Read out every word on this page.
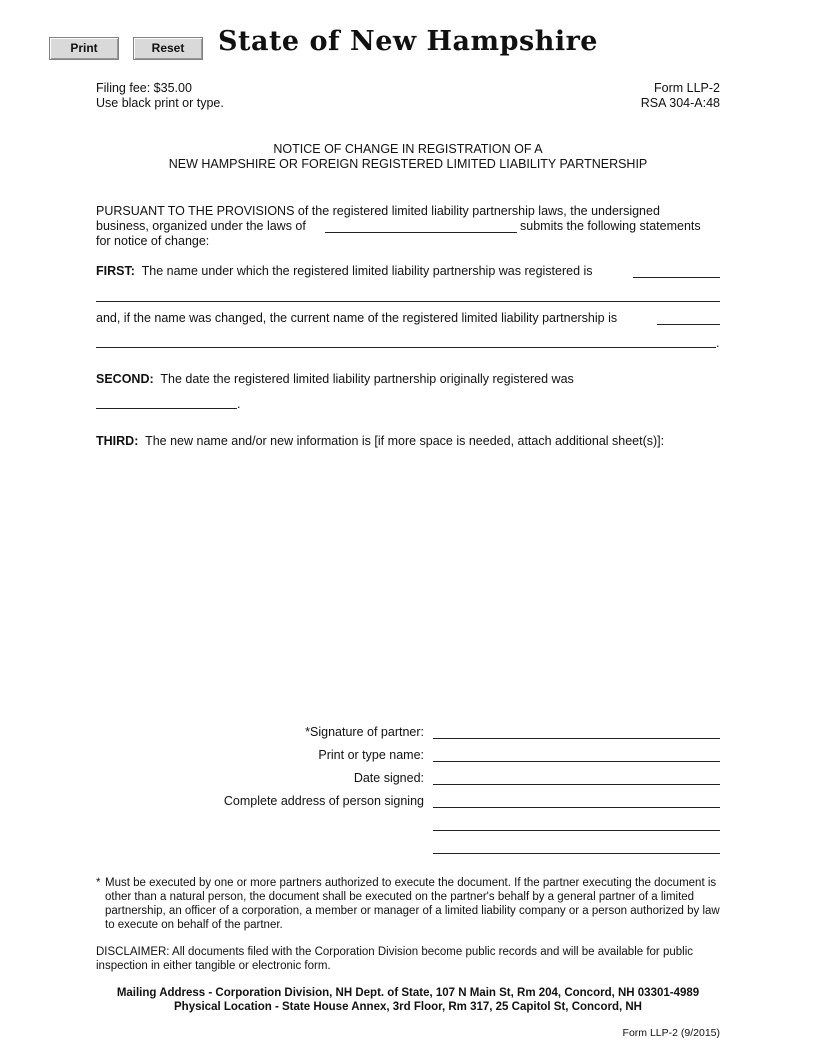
Print	Reset	State of New Hampshire
Filing fee: $35.00
Use black print or type.
Form LLP-2
RSA 304-A:48
NOTICE OF CHANGE IN REGISTRATION OF A
NEW HAMPSHIRE OR FOREIGN REGISTERED LIMITED LIABILITY PARTNERSHIP
PURSUANT TO THE PROVISIONS of the registered limited liability partnership laws, the undersigned
business, organized under the laws of	submits the following statements
for notice of change:
FIRST: The name under which the registered limited liability partnership was registered is
and, if the name was changed, the current name of the registered limited liability partnership is
.
SECOND: The date the registered limited liability partnership originally registered was
.
THIRD: The new name and/or new information is [if more space is needed, attach additional sheet(s)]:
*Signature of partner:
Print or type name:
Date signed:
Complete address of person signing
* Must be executed by one or more partners authorized to execute the document. If the partner executing the document is other than a natural person, the document shall be executed on the partner's behalf by a general partner of a limited partnership, an officer of a corporation, a member or manager of a limited liability company or a person authorized by law to execute on behalf of the partner.
DISCLAIMER: All documents filed with the Corporation Division become public records and will be available for public inspection in either tangible or electronic form.
Mailing Address - Corporation Division, NH Dept. of State, 107 N Main St, Rm 204, Concord, NH 03301-4989
Physical Location - State House Annex, 3rd Floor, Rm 317, 25 Capitol St, Concord, NH
Form LLP-2 (9/2015)
